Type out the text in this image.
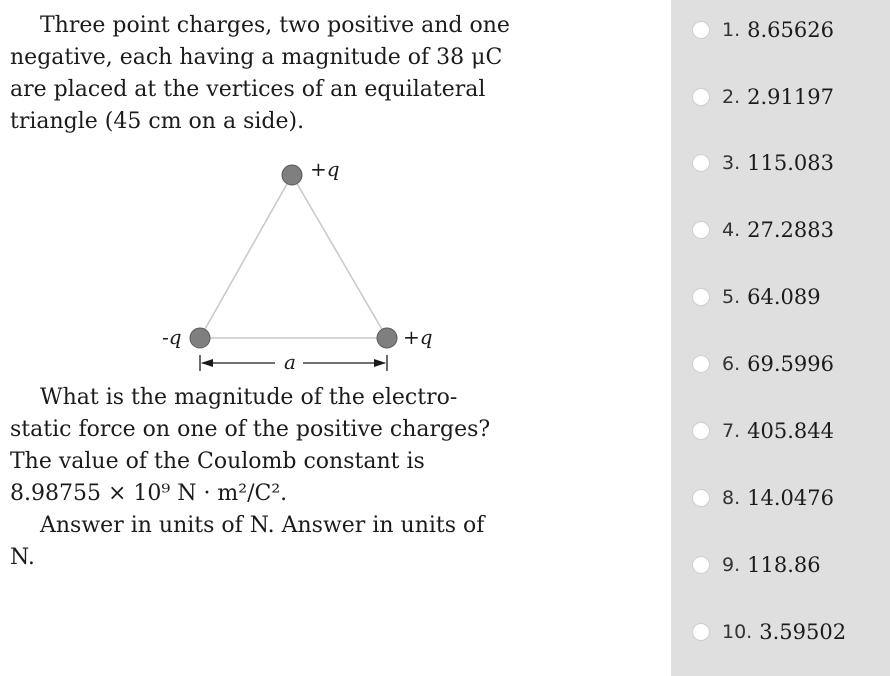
Three point charges, two positive and one

negative, each having a magnitude of 38 μC

are placed at the vertices of an equilateral

triangle (45 cm on a side).

+q
-q	+q
a

What is the magnitude of the electro-

static force on one of the positive charges?

The value of the Coulomb constant is

8.98755 × 10⁹ N · m²/C².

Answer in units of N. Answer in units of

N.

1. 8.65626
2. 2.91197
3. 115.083
4. 27.2883
5. 64.089
6. 69.5996
7. 405.844
8. 14.0476
9. 118.86
10. 3.59502
